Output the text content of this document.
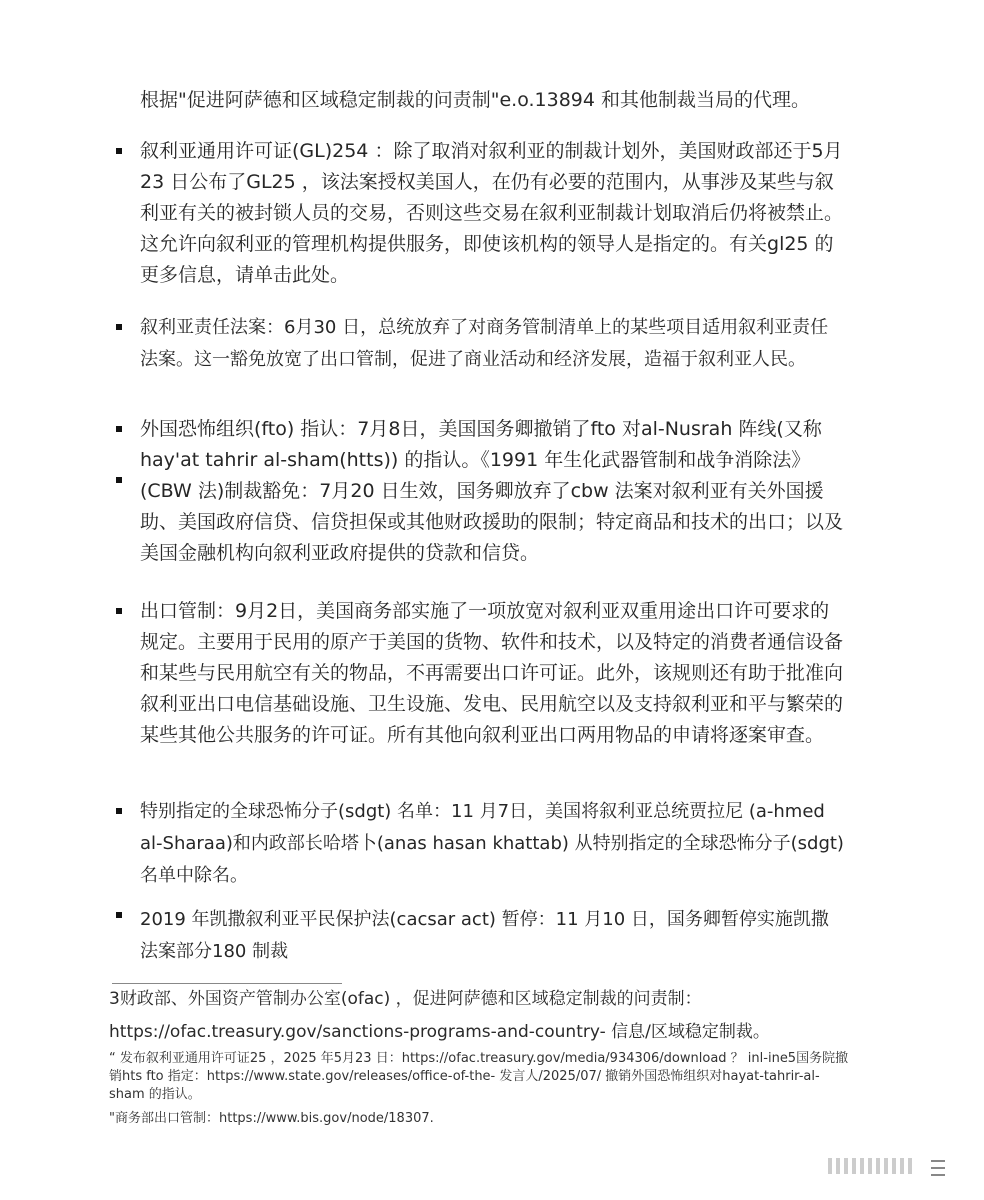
根据"促进阿萨德和区域稳定制裁的问责制"e.o.13894 和其他制裁当局的代理。
叙利亚通用许可证(GL)254 ：除了取消对叙利亚的制裁计划外，美国财政部还于5月23 日公布了GL25 ，该法案授权美国人，在仍有必要的范围内，从事涉及某些与叙利亚有关的被封锁人员的交易，否则这些交易在叙利亚制裁计划取消后仍将被禁止。这允许向叙利亚的管理机构提供服务，即使该机构的领导人是指定的。有关gl25 的更多信息，请单击此处。
叙利亚责任法案：6月30 日，总统放弃了对商务管制清单上的某些项目适用叙利亚责任法案。这一豁免放宽了出口管制，促进了商业活动和经济发展，造福于叙利亚人民。
外国恐怖组织(fto) 指认：7月8日，美国国务卿撤销了fto 对al-Nusrah 阵线(又称hay'at tahrir al-sham(htts)) 的指认。《1991 年生化武器管制和战争消除法》(CBW 法)制裁豁免：7月20 日生效，国务卿放弃了cbw 法案对叙利亚有关外国援助、美国政府信贷、信贷担保或其他财政援助的限制；特定商品和技术的出口；以及美国金融机构向叙利亚政府提供的贷款和信贷。
出口管制：9月2日，美国商务部实施了一项放宽对叙利亚双重用途出口许可要求的规定。主要用于民用的原产于美国的货物、软件和技术，以及特定的消费者通信设备和某些与民用航空有关的物品，不再需要出口许可证。此外，该规则还有助于批准向叙利亚出口电信基础设施、卫生设施、发电、民用航空以及支持叙利亚和平与繁荣的某些其他公共服务的许可证。所有其他向叙利亚出口两用物品的申请将逐案审查。
特别指定的全球恐怖分子(sdgt) 名单：11 月7日，美国将叙利亚总统贾拉尼 (a-hmed al-Sharaa)和内政部长哈塔卜(anas hasan khattab) 从特别指定的全球恐怖分子(sdgt) 名单中除名。
2019 年凯撒叙利亚平民保护法(cacsar act) 暂停：11 月10 日，国务卿暂停实施凯撒法案部分180 制裁
3财政部、外国资产管制办公室(ofac) ，促进阿萨德和区域稳定制裁的问责制：
https://ofac.treasury.gov/sanctions-programs-and-country- 信息/区域稳定制裁。
“ 发布叙利亚通用许可证25 ，2025 年5月23 日：https://ofac.treasury.gov/media/934306/download ？ inl-ine5国务院撤销hts fto 指定：https://www.state.gov/releases/office-of-the- 发言人/2025/07/ 撤销外国恐怖组织对hayat-tahrir-al-sham 的指认。
"商务部出口管制：https://www.bis.gov/node/18307.
